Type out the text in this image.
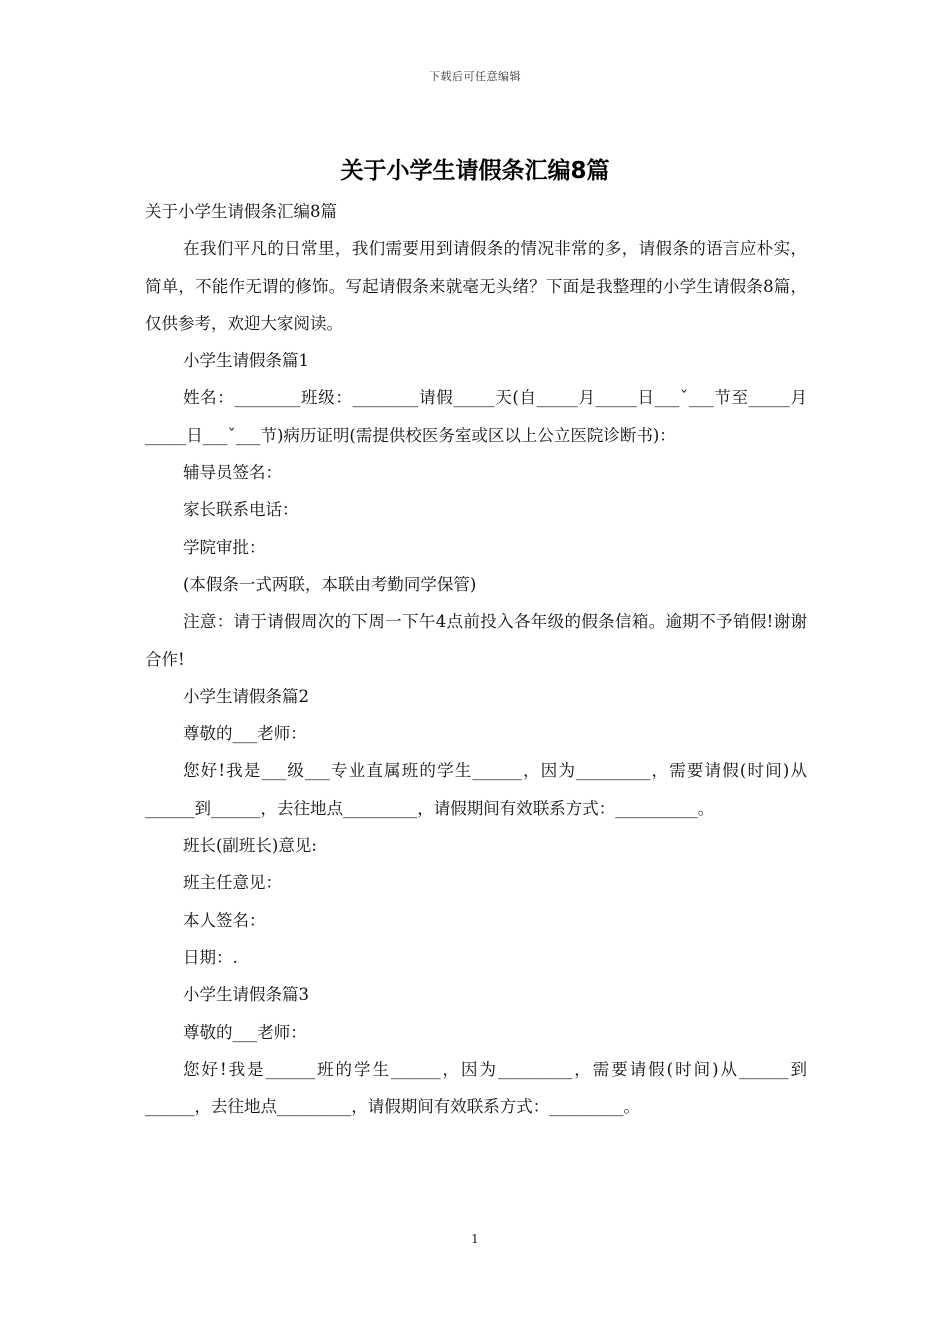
下载后可任意编辑
关于小学生请假条汇编8篇

关于小学生请假条汇编8篇

在我们平凡的日常里，我们需要用到请假条的情况非常的多，请假条的语言应朴实，简单，不能作无谓的修饰。写起请假条来就毫无头绪？下面是我整理的小学生请假条8篇，仅供参考，欢迎大家阅读。

小学生请假条篇1

姓名：________班级：________请假_____天(自_____月_____日___ˇ___节至_____月_____日___ˇ___节)病历证明(需提供校医务室或区以上公立医院诊断书)：

辅导员签名：

家长联系电话：

学院审批：

(本假条一式两联，本联由考勤同学保管)

注意：请于请假周次的下周一下午4点前投入各年级的假条信箱。逾期不予销假!谢谢合作!

小学生请假条篇2

尊敬的___老师：

您好!我是___级___专业直属班的学生______，因为_________，需要请假(时间)从______到______，去往地点_________，请假期间有效联系方式：__________。

班长(副班长)意见:

班主任意见：

本人签名：

日期：.

小学生请假条篇3

尊敬的___老师：

您好!我是______班的学生______，因为_________，需要请假(时间)从______到______，去往地点_________，请假期间有效联系方式：_________。

1
